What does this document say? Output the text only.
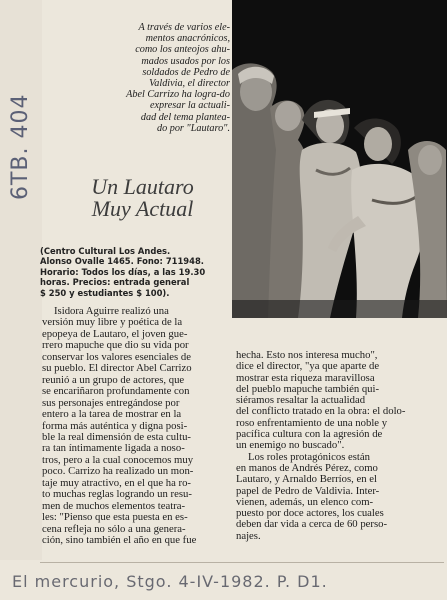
6TB. 404
A través de varios ele-
mentos anacrónicos,
como los anteojos ahu-
mados usados por los
soldados de Pedro de
Valdivia, el director
Abel Carrizo ha logra-do
expresar la actuali-
dad del tema plantea-
do por "Lautaro".
Un Lautaro
Muy Actual
(Centro Cultural Los Andes.
Alonso Ovalle 1465. Fono: 711948.
Horario: Todos los días, a las 19.30
horas. Precios: entrada general
$ 250 y estudiantes $ 100).
Isidora Aguirre realizó una
versión muy libre y poética de la
epopeya de Lautaro, el joven gue-
rrero mapuche que dio su vida por
conservar los valores esenciales de
su pueblo. El director Abel Carrizo
reunió a un grupo de actores, que
se encariñaron profundamente con
sus personajes entregándose por
entero a la tarea de mostrar en la
forma más auténtica y digna posi-
ble la real dimensión de esta cultu-
ra tan íntimamente ligada a noso-
tros, pero a la cual conocemos muy
poco. Carrizo ha realizado un mon-
taje muy atractivo, en el que ha ro-
to muchas reglas logrando un resu-
men de muchos elementos teatra-
les: "Pienso que esta puesta en es-
cena refleja no sólo a una genera-
ción, sino también el año en que fue
hecha. Esto nos interesa mucho",
dice el director, "ya que aparte de
mostrar esta riqueza maravillosa
del pueblo mapuche también qui-
siéramos resaltar la actualidad
del conflicto tratado en la obra: el dolo-
roso enfrentamiento de una noble y
pacífica cultura con la agresión de
un enemigo no buscado".
Los roles protagónicos están
en manos de Andrés Pérez, como
Lautaro, y Arnaldo Berríos, en el
papel de Pedro de Valdivia. Inter-
vienen, además, un elenco com-
puesto por doce actores, los cuales
deben dar vida a cerca de 60 perso-
najes.
El mercurio, Stgo. 4-IV-1982. P. D1.
